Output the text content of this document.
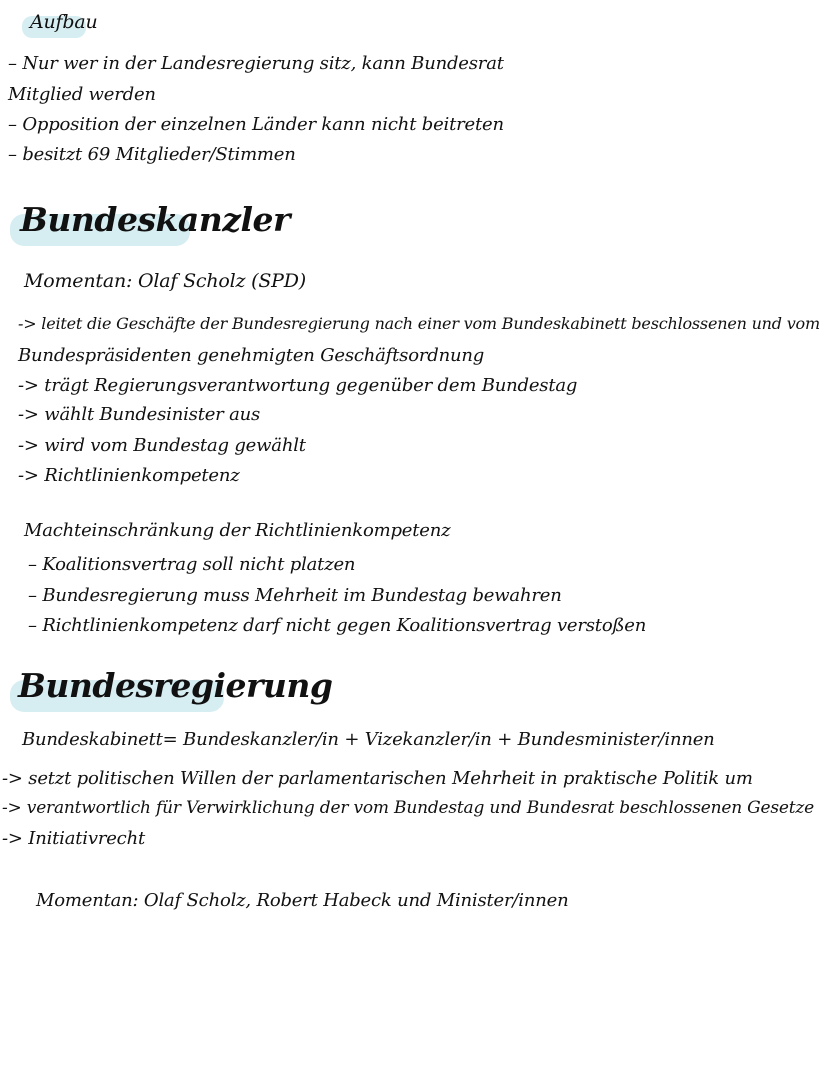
Aufbau
– Nur wer in der Landesregierung sitz, kann Bundesrat
Mitglied werden
– Opposition der einzelnen Länder kann nicht beitreten
– besitzt 69 Mitglieder/Stimmen
Bundeskanzler
Momentan: Olaf Scholz (SPD)
-> leitet die Geschäfte der Bundesregierung nach einer vom Bundeskabinett beschlossenen und vom
Bundespräsidenten genehmigten Geschäftsordnung
-> trägt Regierungsverantwortung gegenüber dem Bundestag
-> wählt Bundesinister aus
-> wird vom Bundestag gewählt
-> Richtlinienkompetenz
Machteinschränkung der Richtlinienkompetenz
– Koalitionsvertrag soll nicht platzen
– Bundesregierung muss Mehrheit im Bundestag bewahren
– Richtlinienkompetenz darf nicht gegen Koalitionsvertrag verstoßen
Bundesregierung
Bundeskabinett= Bundeskanzler/in + Vizekanzler/in + Bundesminister/innen
-> setzt politischen Willen der parlamentarischen Mehrheit in praktische Politik um
-> verantwortlich für Verwirklichung der vom Bundestag und Bundesrat beschlossenen Gesetze
-> Initiativrecht
Momentan: Olaf Scholz, Robert Habeck und Minister/innen
